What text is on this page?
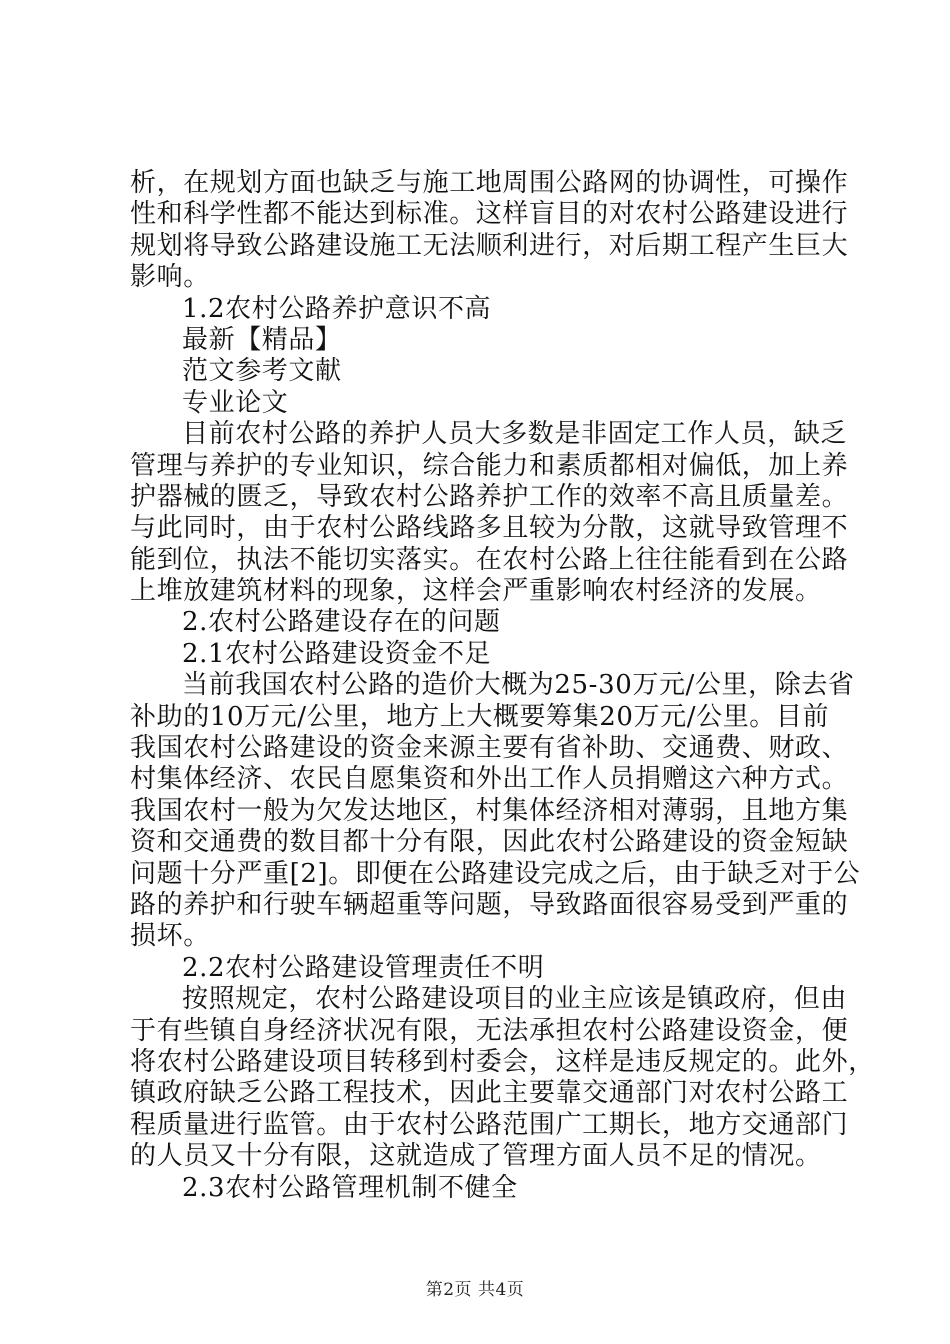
析，在规划方面也缺乏与施工地周围公路网的协调性，可操作
性和科学性都不能达到标准。这样盲目的对农村公路建设进行
规划将导致公路建设施工无法顺利进行，对后期工程产生巨大
影响。
1.2农村公路养护意识不高
最新【精品】
范文参考文献
专业论文
目前农村公路的养护人员大多数是非固定工作人员，缺乏
管理与养护的专业知识，综合能力和素质都相对偏低，加上养
护器械的匮乏，导致农村公路养护工作的效率不高且质量差。
与此同时，由于农村公路线路多且较为分散，这就导致管理不
能到位，执法不能切实落实。在农村公路上往往能看到在公路
上堆放建筑材料的现象，这样会严重影响农村经济的发展。
2.农村公路建设存在的问题
2.1农村公路建设资金不足
当前我国农村公路的造价大概为25-30万元/公里，除去省
补助的10万元/公里，地方上大概要筹集20万元/公里。目前
我国农村公路建设的资金来源主要有省补助、交通费、财政、
村集体经济、农民自愿集资和外出工作人员捐赠这六种方式。
我国农村一般为欠发达地区，村集体经济相对薄弱，且地方集
资和交通费的数目都十分有限，因此农村公路建设的资金短缺
问题十分严重[2]。即便在公路建设完成之后，由于缺乏对于公
路的养护和行驶车辆超重等问题，导致路面很容易受到严重的
损坏。
2.2农村公路建设管理责任不明
按照规定，农村公路建设项目的业主应该是镇政府，但由
于有些镇自身经济状况有限，无法承担农村公路建设资金，便
将农村公路建设项目转移到村委会，这样是违反规定的。此外，
镇政府缺乏公路工程技术，因此主要靠交通部门对农村公路工
程质量进行监管。由于农村公路范围广工期长，地方交通部门
的人员又十分有限，这就造成了管理方面人员不足的情况。
2.3农村公路管理机制不健全
第2页 共4页
